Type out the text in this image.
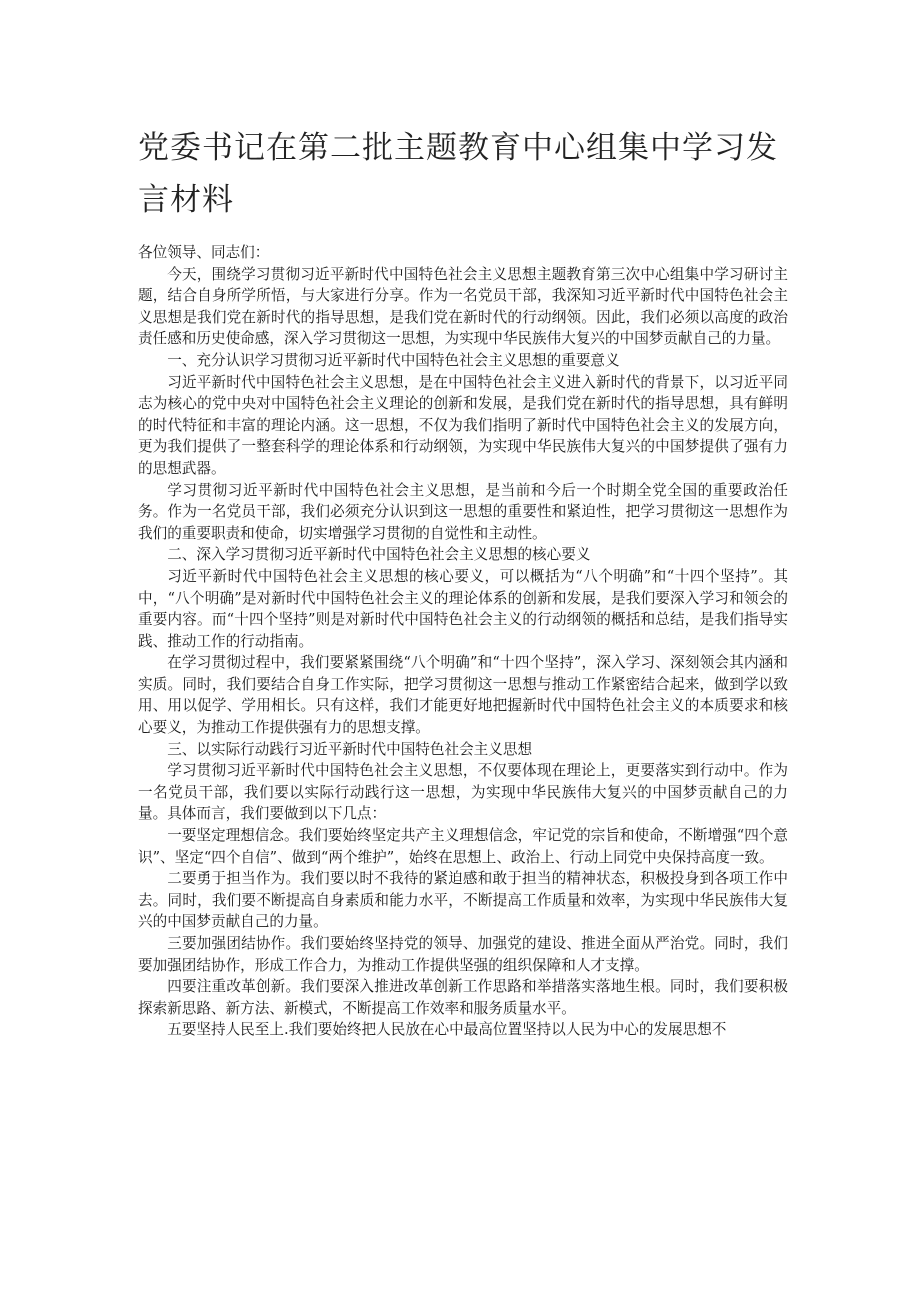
党委书记在第二批主题教育中心组集中学习发言材料

各位领导、同志们：

今天，围绕学习贯彻习近平新时代中国特色社会主义思想主题教育第三次中心组集中学习研讨主题，结合自身所学所悟，与大家进行分享。作为一名党员干部，我深知习近平新时代中国特色社会主义思想是我们党在新时代的指导思想，是我们党在新时代的行动纲领。因此，我们必须以高度的政治责任感和历史使命感，深入学习贯彻这一思想，为实现中华民族伟大复兴的中国梦贡献自己的力量。

一、充分认识学习贯彻习近平新时代中国特色社会主义思想的重要意义

习近平新时代中国特色社会主义思想，是在中国特色社会主义进入新时代的背景下，以习近平同志为核心的党中央对中国特色社会主义理论的创新和发展，是我们党在新时代的指导思想，具有鲜明的时代特征和丰富的理论内涵。这一思想，不仅为我们指明了新时代中国特色社会主义的发展方向，更为我们提供了一整套科学的理论体系和行动纲领，为实现中华民族伟大复兴的中国梦提供了强有力的思想武器。

学习贯彻习近平新时代中国特色社会主义思想，是当前和今后一个时期全党全国的重要政治任务。作为一名党员干部，我们必须充分认识到这一思想的重要性和紧迫性，把学习贯彻这一思想作为我们的重要职责和使命，切实增强学习贯彻的自觉性和主动性。

二、深入学习贯彻习近平新时代中国特色社会主义思想的核心要义

习近平新时代中国特色社会主义思想的核心要义，可以概括为“八个明确”和“十四个坚持”。其中，“八个明确”是对新时代中国特色社会主义的理论体系的创新和发展，是我们要深入学习和领会的重要内容。而“十四个坚持”则是对新时代中国特色社会主义的行动纲领的概括和总结，是我们指导实践、推动工作的行动指南。

在学习贯彻过程中，我们要紧紧围绕“八个明确”和“十四个坚持”，深入学习、深刻领会其内涵和实质。同时，我们要结合自身工作实际，把学习贯彻这一思想与推动工作紧密结合起来，做到学以致用、用以促学、学用相长。只有这样，我们才能更好地把握新时代中国特色社会主义的本质要求和核心要义，为推动工作提供强有力的思想支撑。

三、以实际行动践行习近平新时代中国特色社会主义思想

学习贯彻习近平新时代中国特色社会主义思想，不仅要体现在理论上，更要落实到行动中。作为一名党员干部，我们要以实际行动践行这一思想，为实现中华民族伟大复兴的中国梦贡献自己的力量。具体而言，我们要做到以下几点：

一要坚定理想信念。我们要始终坚定共产主义理想信念，牢记党的宗旨和使命，不断增强“四个意识”、坚定“四个自信”、做到“两个维护”，始终在思想上、政治上、行动上同党中央保持高度一致。

二要勇于担当作为。我们要以时不我待的紧迫感和敢于担当的精神状态，积极投身到各项工作中去。同时，我们要不断提高自身素质和能力水平，不断提高工作质量和效率，为实现中华民族伟大复兴的中国梦贡献自己的力量。

三要加强团结协作。我们要始终坚持党的领导、加强党的建设、推进全面从严治党。同时，我们要加强团结协作，形成工作合力，为推动工作提供坚强的组织保障和人才支撑。

四要注重改革创新。我们要深入推进改革创新工作思路和举措落实落地生根。同时，我们要积极探索新思路、新方法、新模式，不断提高工作效率和服务质量水平。

五要坚持人民至上.我们要始终把人民放在心中最高位置坚持以人民为中心的发展思想不
